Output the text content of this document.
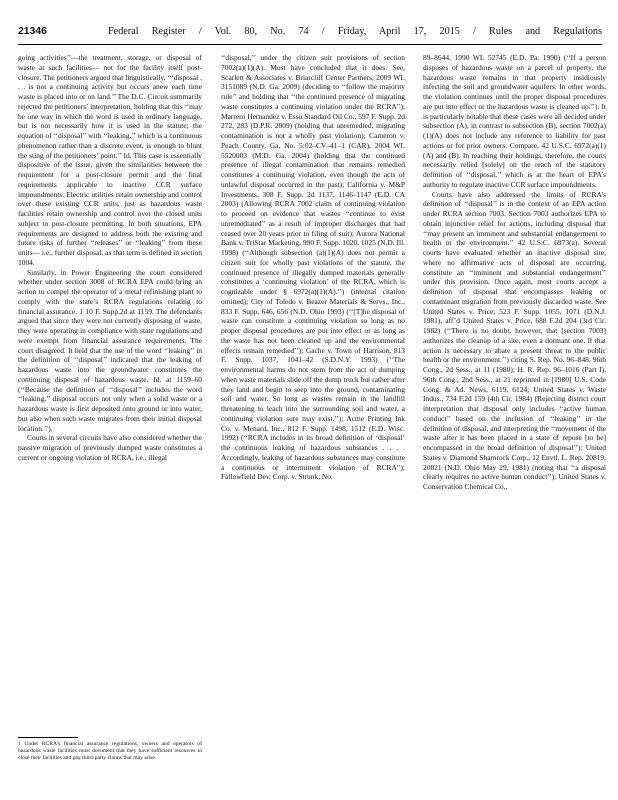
21346	Federal Register / Vol. 80, No. 74 / Friday, April 17, 2015 / Rules and Regulations

going activities’’—the treatment, storage, or disposal of waste at such facilities— not for the facility itself post-closure. The petitioners argued that linguistically, ‘‘‘disposal . . . is not a continuing activity but occurs anew each time waste is placed into or on land.’’ The D.C. Circuit summarily rejected the petitioners’ interpretation, holding that this ‘‘may be one way in which the word is used in ordinary language, but is not necessarily how it is used in the statute; the equation of ‘‘disposal’’ with ‘‘leaking,’’ which is a continuous phenomenon rather than a discrete event, is enough to blunt the sting of the petitioners’ point.’’ Id. This case is essentially dispositive of the issue, given the similarities between the requirement for a post-closure permit and the final requirements applicable to inactive CCR surface impoundments. Electric utilities retain ownership and control over these existing CCR units, just as hazardous waste facilities retain ownership and control over the closed units subject to post-closure permitting. In both situations, EPA requirements are designed to address both the existing and future risks of further ‘‘releases’’ or ‘‘leaking’’ from these units— i.e., further disposal, as that term is defined in section 1004.

Similarly, in Power Engineering the court considered whether under section 3008 of RCRA EPA could bring an action to compel the operator of a metal refinishing plant to comply with the state’s RCRA regulations relating to financial assurance. 1 10 F. Supp.2d at 1159. The defendants argued that since they were not currently disposing of waste, they were operating in compliance with state regulations and were exempt from financial assurance requirements. The court disagreed. It held that the use of the word ‘‘leaking’’ in the definition of ‘‘disposal’’ indicated that the leaking of hazardous waste into the groundwater constitutes the continuing disposal of hazardous waste. Id. at 1159–60 (‘‘Because the definition of ‘‘disposal’’ includes the word ‘‘leaking,’’ disposal occurs not only when a solid waste or a hazardous waste is first deposited onto ground or into water, but also when such waste migrates from their initial disposal location.’’).

Courts in several circuits have also considered whether the passive migration of previously dumped waste constitutes a current or ongoing violation of RCRA, i.e., illegal

‘‘disposal,’’ under the citizen suit provisions of section 7002(a)(1)(A). Most have concluded that it does. See, Scarlett & Associates v. Briarcliff Center Partners, 2009 WL 3151089 (N.D. Ga. 2009) (deciding to ‘‘follow the majority rule’’ and holding that ‘‘the continued presence of migrating waste constitutes a continuing violation under the RCRA’’); Marrero Hernandez v. Esso Standard Oil Co., 597 F. Supp. 2d 272, 283 (D.P.R. 2009) (holding that unremedied, migrating contamination is not a wholly past violation); Cameron v. Peach County, Ga, No. 5:02–CV–41–1 (CAR), 2004 WL 5520003 (M.D. Ga. 2004) (holding that the continued presence of illegal contamination that remains remedied constitutes a continuing violation, even though the acts of unlawful disposal occurred in the past); California v. M&P Investments, 308 F. Supp. 2d 1137, 1146–1147 (E.D. CA 2003) (Allowing RCRA 7002 claim of continuing violation to proceed on evidence that wastes ‘‘continue to exist unremediated’’ as a result of improper discharges that had ceased over 20 years prior to filing of suit); Aurora National Bank v. TriStar Marketing, 990 F. Supp. 1020, 1025 (N.D. Ill. 1998) (‘‘Although subsection (a)(1)(A) does not permit a citizen suit for wholly past violations of the statute, the continued presence of illegally dumped materials generally constitutes a ‘continuing violation’ of the RCRA, which is cognizable under § 6972(a)(1)(A).’’) (internal citation omitted); City of Toledo v. Beazer Materials & Servs., Inc., 833 F. Supp. 646, 656 (N.D. Ohio 1993) (‘‘[T]he disposal of waste can constitute a continuing violation so long as no proper disposal procedures are put into effect or as long as the waste has not been cleaned up and the environmental effects remain remedied’’); Gache v. Town of Harrison, 813 F. Supp. 1037, 1041–42 (S.D.N.Y. 1993) (‘‘The environmental harms do not stem from the act of dumping when waste materials slide off the dump truck but rather after they land and begin to seep into the ground, contaminating soil and water. So long as wastes remain in the landfill threatening to leach into the surrounding soil and water, a continuing violation sure may exist.’’); Acme Printing Ink Co. v. Menard, Inc., 812 F. Supp. 1498, 1512 (E.D. Wisc. 1992) (‘‘RCRA includes in its broad definition of ‘disposal’ the continuous leaking of hazardous substances . . . . Accordingly, leaking of hazardous substances may constitute a continuous or intermittent violation of RCRA’’); Fallowfield Dev. Corp. v. Strunk, No.

89–8644, 1990 WL 52745 (E.D. Pa. 1990) (‘‘If a person disposes of hazardous waste on a parcel of property, the hazardous waste remains in that property insidiously infecting the soil and groundwater aquifers. In other words, the violation continues until the proper disposal procedures are put into effect or the hazardous waste is cleaned up.’’). It is particularly notable that these cases were all decided under subsection (A); in contrast to subsection (B), section 7002(a)(1)(A) does not include any reference to liability for past actions or for prior owners. Compare, 42 U.S.C. 6972(a)(1)(A) and (B). In reaching their holdings, therefore, the courts necessarily relied [solely] on the reach of the statutory definition of ‘‘disposal,’’ which is at the heart of EPA’s authority to regulate inactive CCR surface impoundments.

Courts have also addressed the limits of RCRA’s definition of ‘‘disposal’’ is in the context of an EPA action under RCRA section 7003. Section 7003 authorizes EPA to obtain injunctive relief for actions, including disposal that ‘‘may present an imminent and substantial endangerment to health or the environment.’’ 42 U.S.C. 6973(a). Several courts have evaluated whether an inactive disposal site, where no affirmative acts of disposal are occurring, constitute an ‘‘imminent and substantial endangerment’’ under this provision. Once again, most courts accept a definition of disposal that encompasses leaking or contaminant migration from previously discarded waste. See United States v. Price, 523 F. Supp. 1055, 1071 (D.N.J. 1981), aff’d United States v. Price, 688 F.2d 204 (3rd Cir. 1982) (‘‘There is no doubt, however, that [section 7003] authorizes the cleanup of a site, even a dormant one, if that action is necessary to abate a present threat to the public health or the environment.’’) citing S. Rep. No. 96–848, 96th Cong., 2d Sess., at 11 (1980); H. R. Rep. 96–1016 (Part I), 96th Cong., 2nd Sess., at 21 reprinted in [1980] U.S. Code Cong. & Ad. News, 6119, 6124; United States v. Waste Indus., 734 F.2d 159 (4th Cir. 1984) (Rejecting district court interpretation that disposal only includes ‘‘active human conduct’’ based on the inclusion of ‘‘leaking’’ in the definition of disposal, and interpreting the ‘‘movement of the waste after it has been placed in a state of repose [to be] encompassed in the broad definition of disposal’’); United States v. Diamond Shamrock Corp., 12 Envtl. L. Rep. 20819, 20821 (N.D. Ohio May 29, 1981) (noting that ‘‘a disposal clearly requires no active human conduct’’); United States v. Conservation Chemical Co.,

1 Under RCRA’s financial assurance regulations, owners and operators of hazardous waste facilities must document that they have sufficient resources to close their facilities and pay third-party claims that may arise.
